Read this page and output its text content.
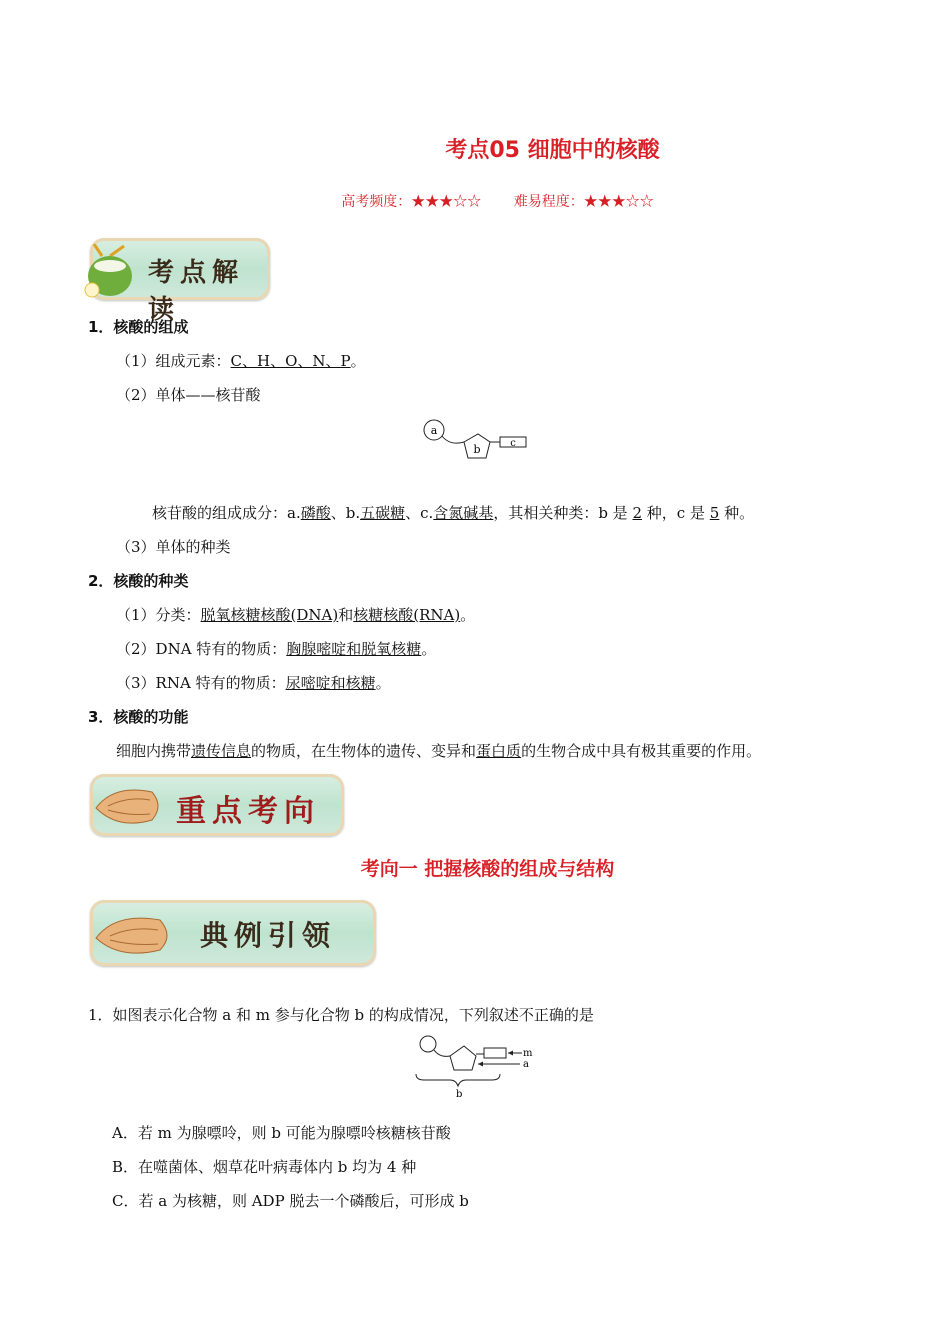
考点05 细胞中的核酸
高考频度：★★★☆☆ 难易程度：★★★☆☆
考点解读
1．核酸的组成
（1）组成元素：C、H、O、N、P。
（2）单体——核苷酸
a
b	c
核苷酸的组成成分：a.磷酸、b.五碳糖、c.含氮碱基，其相关种类：b 是 2 种，c 是 5 种。
（3）单体的种类
2．核酸的种类
（1）分类：脱氧核糖核酸(DNA)和核糖核酸(RNA)。
（2）DNA 特有的物质：胸腺嘧啶和脱氧核糖。
（3）RNA 特有的物质：尿嘧啶和核糖。
3．核酸的功能
细胞内携带遗传信息的物质，在生物体的遗传、变异和蛋白质的生物合成中具有极其重要的作用。
重点考向
考向一 把握核酸的组成与结构
典例引领
1．如图表示化合物 a 和 m 参与化合物 b 的构成情况，下列叙述不正确的是
m
a
b
A．若 m 为腺嘌呤，则 b 可能为腺嘌呤核糖核苷酸
B．在噬菌体、烟草花叶病毒体内 b 均为 4 种
C．若 a 为核糖，则 ADP 脱去一个磷酸后，可形成 b
